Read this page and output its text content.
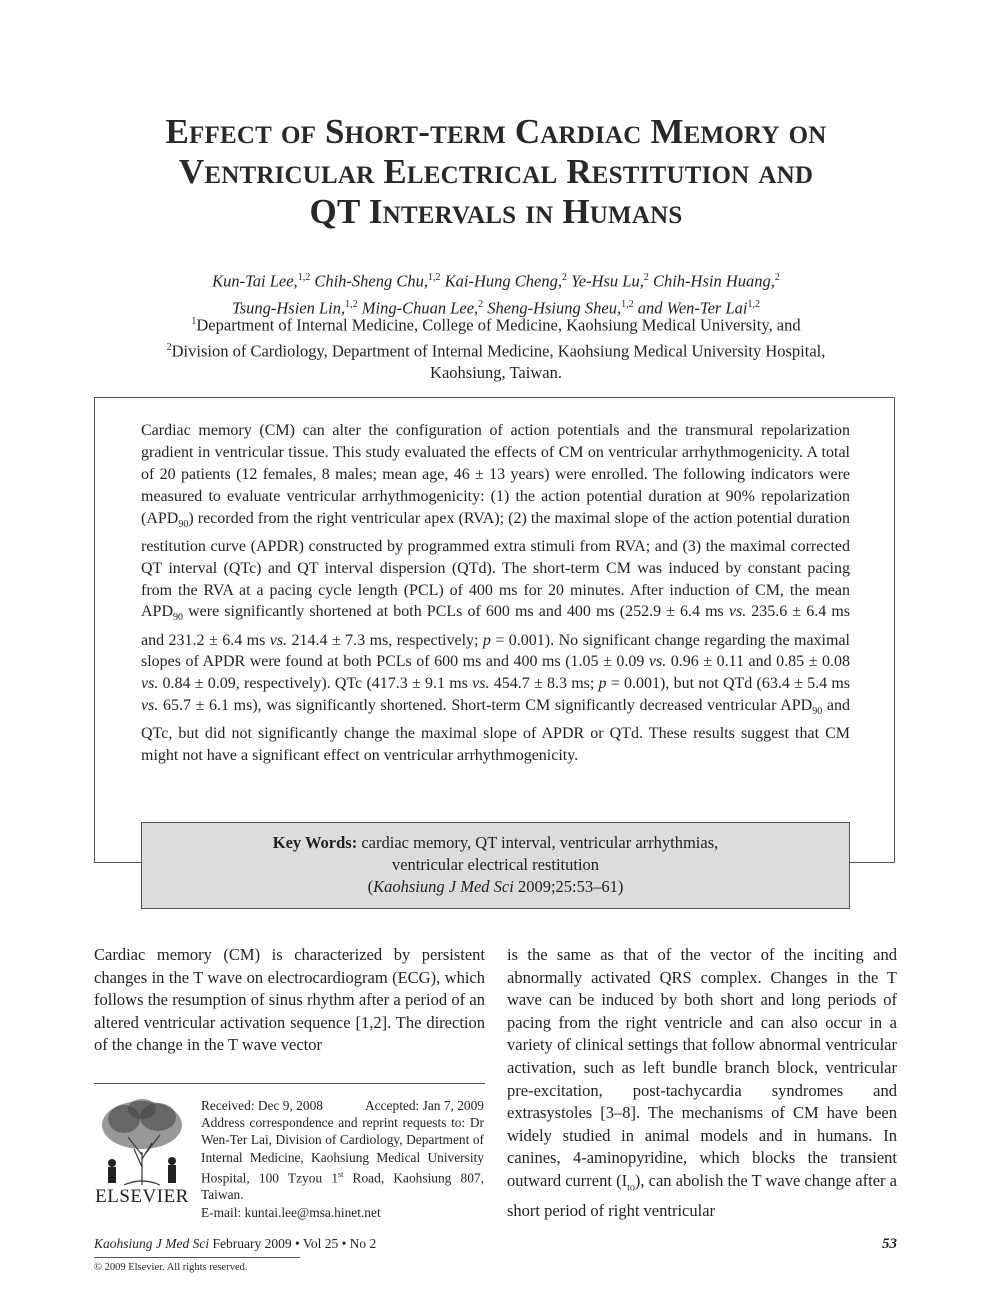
Effect of Short-term Cardiac Memory on
Ventricular Electrical Restitution and
QT Intervals in Humans
Kun-Tai Lee,$^{1,2}$ Chih-Sheng Chu,$^{1,2}$ Kai-Hung Cheng,$^2$ Ye-Hsu Lu,$^2$ Chih-Hsin Huang,$^2$
Tsung-Hsien Lin,$^{1,2}$ Ming-Chuan Lee,$^2$ Sheng-Hsiung Sheu,$^{1,2}$ and Wen-Ter Lai$^{1,2}$
$^1$Department of Internal Medicine, College of Medicine, Kaohsiung Medical University, and
$^2$Division of Cardiology, Department of Internal Medicine, Kaohsiung Medical University Hospital,
Kaohsiung, Taiwan.
Cardiac memory (CM) can alter the configuration of action potentials and the transmural repolarization gradient in ventricular tissue. This study evaluated the effects of CM on ventricular arrhythmogenicity. A total of 20 patients (12 females, 8 males; mean age, 46 ± 13 years) were enrolled. The following indicators were measured to evaluate ventricular arrhythmogenicity: (1) the action potential duration at 90% repolarization $(APD_{90})$ recorded from the right ventricular apex (RVA); (2) the maximal slope of the action potential duration restitution curve (APDR) constructed by programmed extra stimuli from RVA; and (3) the maximal corrected QT interval (QTc) and QT interval dispersion (QTd). The short-term CM was induced by constant pacing from the RVA at a pacing cycle length (PCL) of 400 ms for 20 minutes. After induction of CM, the mean $APD_{90}$ were significantly shortened at both PCLs of 600 ms and 400 ms (252.9 ± 6.4 ms vs. 235.6 ± 6.4 ms and 231.2 ± 6.4 ms vs. 214.4 ± 7.3 ms, respectively; p = 0.001). No significant change regarding the maximal slopes of APDR were found at both PCLs of 600 ms and 400 ms (1.05 ± 0.09 vs. 0.96 ± 0.11 and 0.85 ± 0.08 vs. 0.84 ± 0.09, respectively). QTc (417.3 ± 9.1 ms vs. 454.7 ± 8.3 ms; p = 0.001), but not QTd (63.4 ± 5.4 ms vs. 65.7 ± 6.1 ms), was significantly shortened. Short-term CM significantly decreased ventricular $APD_{90}$ and QTc, but did not significantly change the maximal slope of APDR or QTd. These results suggest that CM might not have a significant effect on ventricular arrhythmogenicity.
Key Words: cardiac memory, QT interval, ventricular arrhythmias,
ventricular electrical restitution
(Kaohsiung J Med Sci 2009;25:53–61)
Cardiac memory (CM) is characterized by persistent changes in the T wave on electrocardiogram (ECG), which follows the resumption of sinus rhythm after a period of an altered ventricular activation sequence [1,2]. The direction of the change in the T wave vector
is the same as that of the vector of the inciting and abnormally activated QRS complex. Changes in the T wave can be induced by both short and long periods of pacing from the right ventricle and can also occur in a variety of clinical settings that follow abnormal ventricular activation, such as left bundle branch block, ventricular pre-excitation, post-tachycardia syndromes and extrasystoles [3–8]. The mechanisms of CM have been widely studied in animal models and in humans. In canines, 4-aminopyridine, which blocks the transient outward current $(I_{to})$, can abolish the T wave change after a short period of right ventricular
ELSEVIER
Received: Dec 9, 2008	Accepted: Jan 7, 2009
Address correspondence and reprint requests to: Dr Wen-Ter Lai, Division of Cardiology, Department of Internal Medicine, Kaohsiung Medical University Hospital, 100 Tzyou 1st Road, Kaohsiung 807, Taiwan.
E-mail: kuntai.lee@msa.hinet.net
Kaohsiung J Med Sci February 2009 • Vol 25 • No 2	53
© 2009 Elsevier. All rights reserved.
